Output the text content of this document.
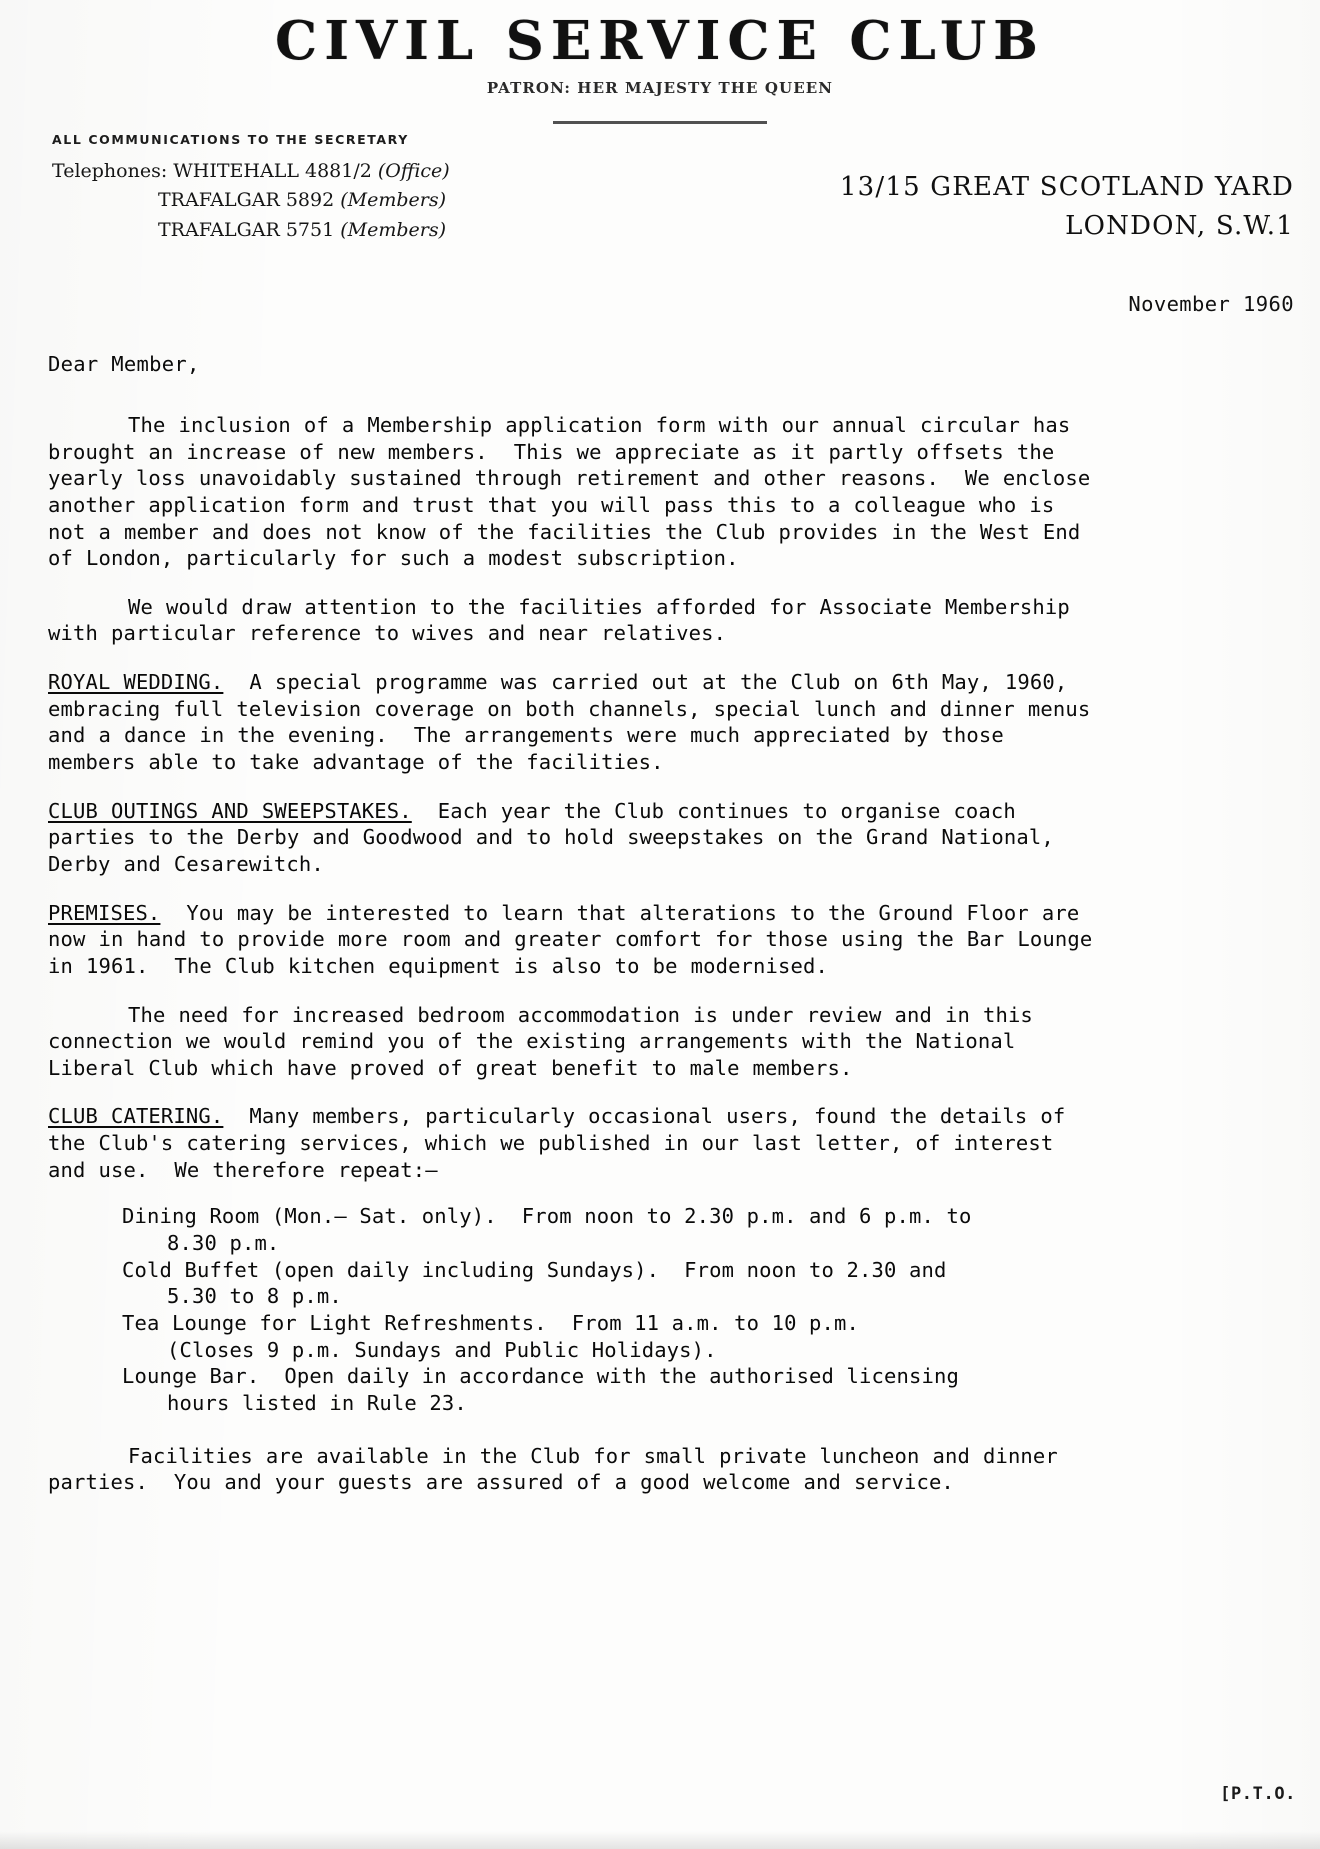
CIVIL SERVICE CLUB
PATRON: HER MAJESTY THE QUEEN
ALL COMMUNICATIONS TO THE SECRETARY
Telephones: WHITEHALL 4881/2 (Office)
TRAFALGAR 5892 (Members)
TRAFALGAR 5751 (Members)
13/15 GREAT SCOTLAND YARD
LONDON, S.W.1
November 1960
Dear Member,

The inclusion of a Membership application form with our annual circular has brought an increase of new members.  This we appreciate as it partly offsets the yearly loss unavoidably sustained through retirement and other reasons.  We enclose another application form and trust that you will pass this to a colleague who is not a member and does not know of the facilities the Club provides in the West End of London, particularly for such a modest subscription.

We would draw attention to the facilities afforded for Associate Membership with particular reference to wives and near relatives.

ROYAL WEDDING.  A special programme was carried out at the Club on 6th May, 1960, embracing full television coverage on both channels, special lunch and dinner menus and a dance in the evening.  The arrangements were much appreciated by those members able to take advantage of the facilities.

CLUB OUTINGS AND SWEEPSTAKES.  Each year the Club continues to organise coach parties to the Derby and Goodwood and to hold sweepstakes on the Grand National, Derby and Cesarewitch.

PREMISES.  You may be interested to learn that alterations to the Ground Floor are now in hand to provide more room and greater comfort for those using the Bar Lounge in 1961.  The Club kitchen equipment is also to be modernised.

The need for increased bedroom accommodation is under review and in this connection we would remind you of the existing arrangements with the National Liberal Club which have proved of great benefit to male members.

CLUB CATERING.  Many members, particularly occasional users, found the details of the Club's catering services, which we published in our last letter, of interest and use.  We therefore repeat:—

Dining Room (Mon.— Sat. only).  From noon to 2.30 p.m. and 6 p.m. to
8.30 p.m.
Cold Buffet (open daily including Sundays).  From noon to 2.30 and
5.30 to 8 p.m.
Tea Lounge for Light Refreshments.  From 11 a.m. to 10 p.m.
(Closes 9 p.m. Sundays and Public Holidays).
Lounge Bar.  Open daily in accordance with the authorised licensing
hours listed in Rule 23.

Facilities are available in the Club for small private luncheon and dinner parties.  You and your guests are assured of a good welcome and service.

[P.T.O.
